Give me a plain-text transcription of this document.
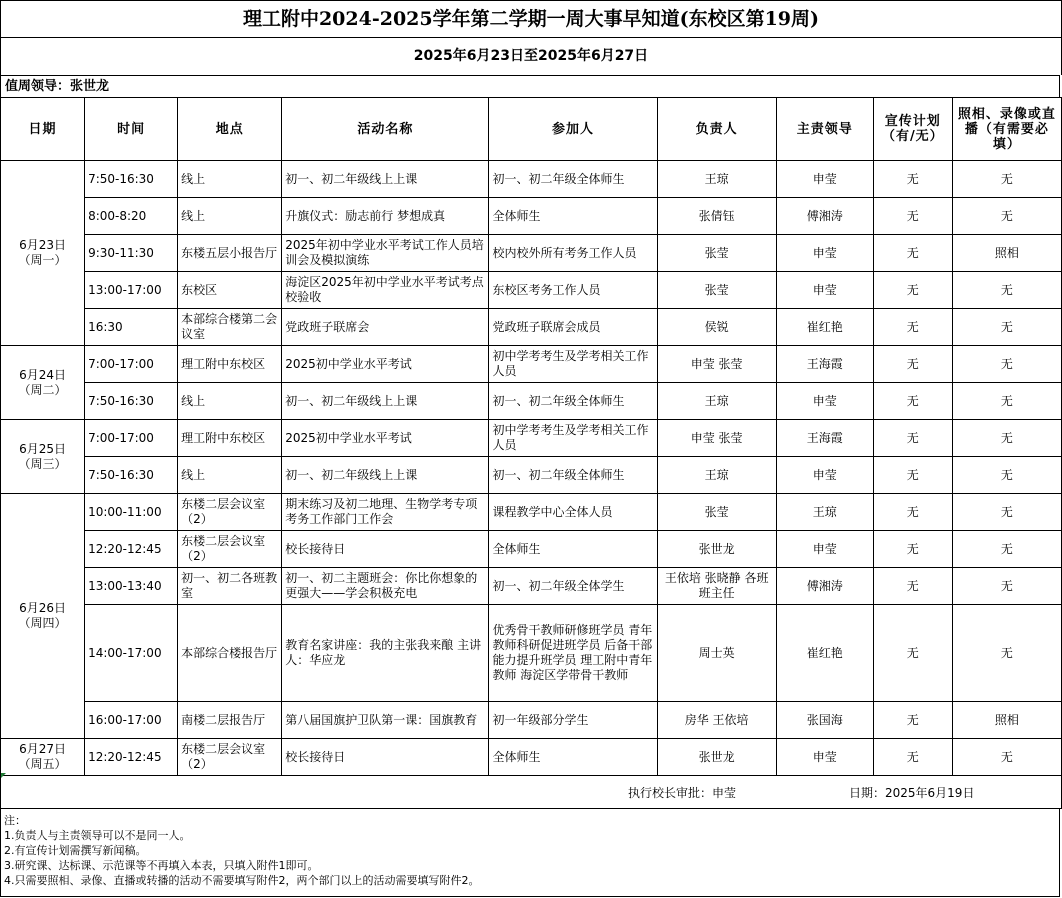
理工附中2024-2025学年第二学期一周大事早知道(东校区第19周)
2025年6月23日至2025年6月27日
值周领导：张世龙
日期	时间	地点	活动名称	参加人	负责人	主责领导	宣传计划（有/无）	照相、录像或直播（有需要必填）

6月23日
（周一）	7:50-16:30	线上	初一、初二年级线上上课	初一、初二年级全体师生	王琼	申莹	无	无
	8:00-8:20	线上	升旗仪式：励志前行 梦想成真	全体师生	张倩钰	傅湘涛	无	无
	9:30-11:30	东楼五层小报告厅	2025年初中学业水平考试工作人员培训会及模拟演练	校内校外所有考务工作人员	张莹	申莹	无	照相
	13:00-17:00	东校区	海淀区2025年初中学业水平考试考点校验收	东校区考务工作人员	张莹	申莹	无	无
	16:30	本部综合楼第二会议室	党政班子联席会	党政班子联席会成员	侯锐	崔红艳	无	无

6月24日
（周二）	7:00-17:00	理工附中东校区	2025初中学业水平考试	初中学考考生及学考相关工作人员	申莹 张莹	王海霞	无	无
	7:50-16:30	线上	初一、初二年级线上上课	初一、初二年级全体师生	王琼	申莹	无	无

6月25日
（周三）	7:00-17:00	理工附中东校区	2025初中学业水平考试	初中学考考生及学考相关工作人员	申莹 张莹	王海霞	无	无
	7:50-16:30	线上	初一、初二年级线上上课	初一、初二年级全体师生	王琼	申莹	无	无

6月26日
（周四）	10:00-11:00	东楼二层会议室（2）	期末练习及初二地理、生物学考专项考务工作部门工作会	课程教学中心全体人员	张莹	王琼	无	无
	12:20-12:45	东楼二层会议室（2）	校长接待日	全体师生	张世龙	申莹	无	无
	13:00-13:40	初一、初二各班教室	初一、初二主题班会：你比你想象的更强大——学会积极充电	初一、初二年级全体学生	王依培 张晓静 各班班主任	傅湘涛	无	无
	14:00-17:00	本部综合楼报告厅	教育名家讲座：我的主张我来酿 主讲人：华应龙	优秀骨干教师研修班学员 青年教师科研促进班学员 后备干部能力提升班学员 理工附中青年教师 海淀区学带骨干教师	周士英	崔红艳	无	无
	16:00-17:00	南楼二层报告厅	第八届国旗护卫队第一课：国旗教育	初一年级部分学生	房华 王依培	张国海	无	照相

6月27日
（周五）	12:20-12:45	东楼二层会议室（2）	校长接待日	全体师生	张世龙	申莹	无	无
执行校长审批：申莹	日期：2025年6月19日
注：
1.负责人与主责领导可以不是同一人。
2.有宣传计划需撰写新闻稿。
3.研究课、达标课、示范课等不再填入本表，只填入附件1即可。
4.只需要照相、录像、直播或转播的活动不需要填写附件2，两个部门以上的活动需要填写附件2。
